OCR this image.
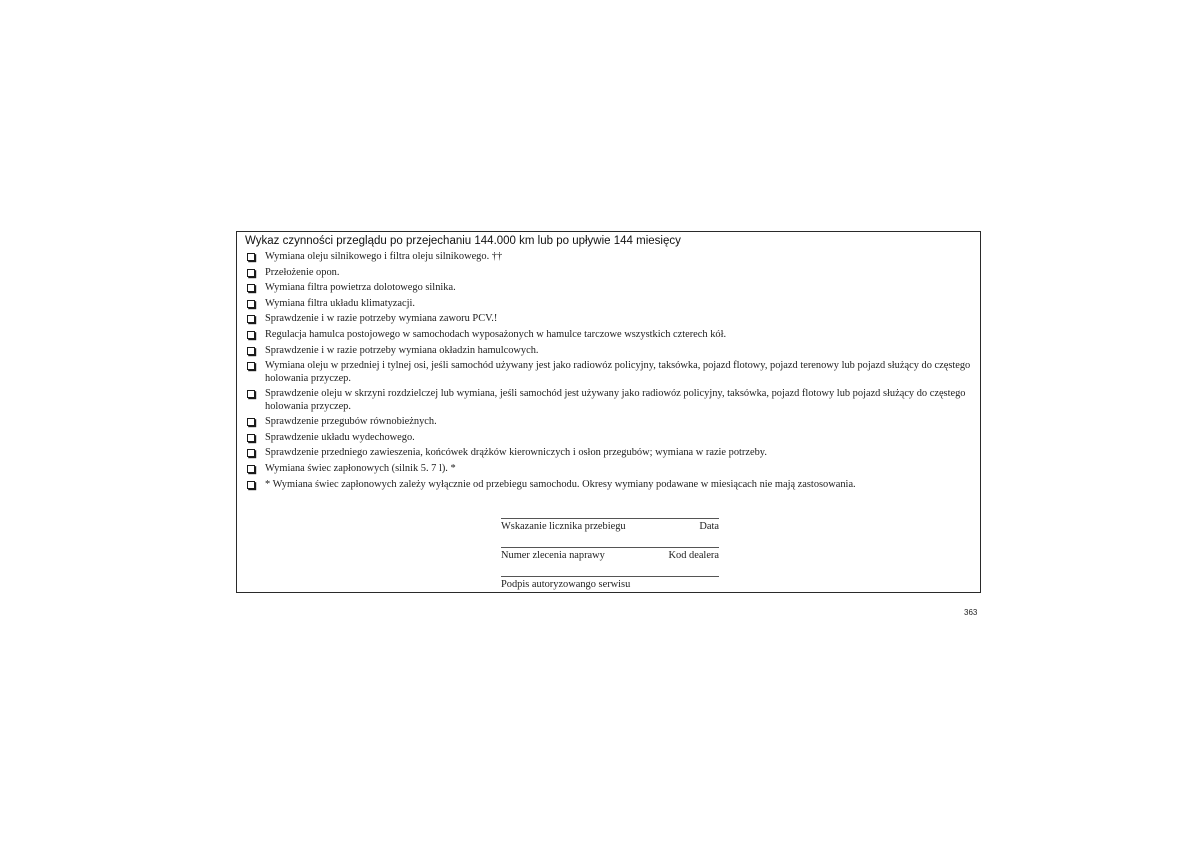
Wykaz czynności przeglądu po przejechaniu 144.000 km lub po upływie 144 miesięcy
Wymiana oleju silnikowego i filtra oleju silnikowego. ††
Przełożenie opon.
Wymiana filtra powietrza dolotowego silnika.
Wymiana filtra układu klimatyzacji.
Sprawdzenie i w razie potrzeby wymiana zaworu PCV.!
Regulacja hamulca postojowego w samochodach wyposażonych w hamulce tarczowe wszystkich czterech kół.
Sprawdzenie i w razie potrzeby wymiana okładzin hamulcowych.
Wymiana oleju w przedniej i tylnej osi, jeśli samochód używany jest jako radiowóz policyjny, taksówka, pojazd flotowy, pojazd terenowy lub pojazd służący do częstego holowania przyczep.
Sprawdzenie oleju w skrzyni rozdzielczej lub wymiana, jeśli samochód jest używany jako radiowóz policyjny, taksówka, pojazd flotowy lub pojazd służący do częstego holowania przyczep.
Sprawdzenie przegubów równobieżnych.
Sprawdzenie układu wydechowego.
Sprawdzenie przedniego zawieszenia, końcówek drążków kierowniczych i osłon przegubów; wymiana w razie potrzeby.
Wymiana świec zapłonowych (silnik 5. 7 l). *
* Wymiana świec zapłonowych zależy wyłącznie od przebiegu samochodu. Okresy wymiany podawane w miesiącach nie mają zastosowania.
Wskazanie licznika przebiegu	Data
Numer zlecenia naprawy	Kod dealera
Podpis autoryzowango serwisu
363
